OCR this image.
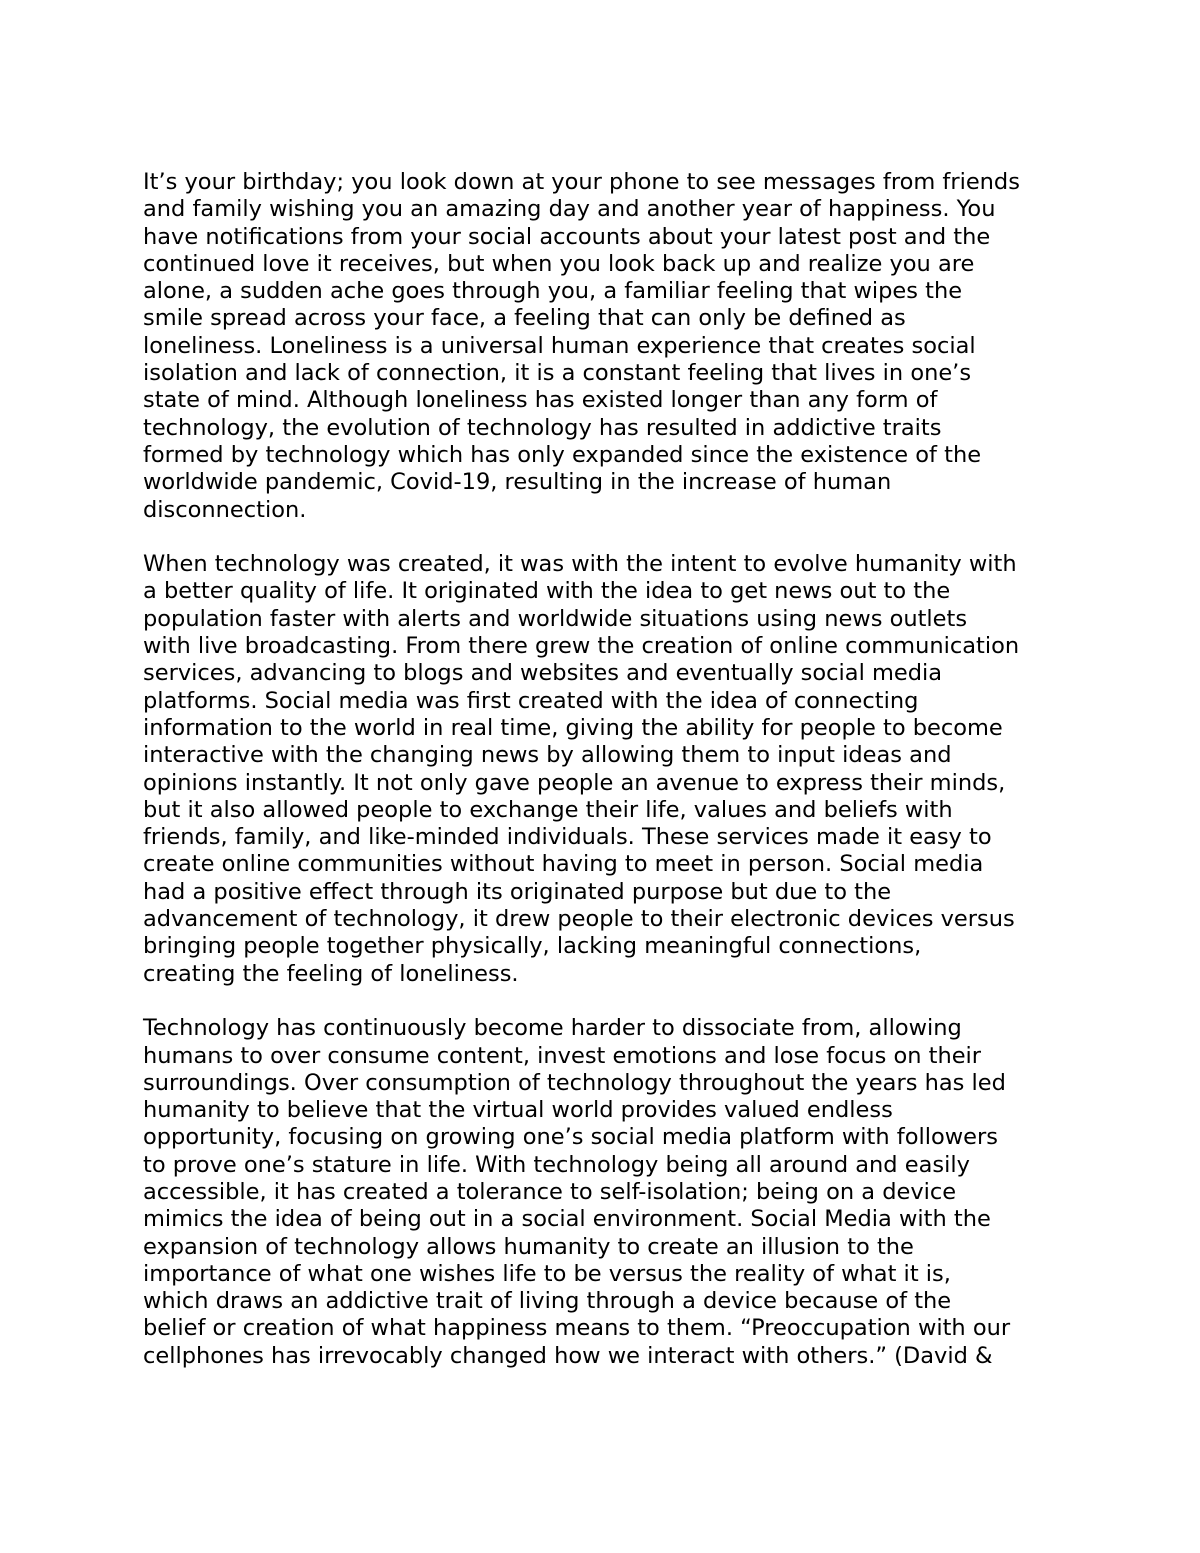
It’s your birthday; you look down at your phone to see messages from friends
and family wishing you an amazing day and another year of happiness. You
have notifications from your social accounts about your latest post and the
continued love it receives, but when you look back up and realize you are
alone, a sudden ache goes through you, a familiar feeling that wipes the
smile spread across your face, a feeling that can only be defined as
loneliness. Loneliness is a universal human experience that creates social
isolation and lack of connection, it is a constant feeling that lives in one’s
state of mind. Although loneliness has existed longer than any form of
technology, the evolution of technology has resulted in addictive traits
formed by technology which has only expanded since the existence of the
worldwide pandemic, Covid-19, resulting in the increase of human
disconnection.

When technology was created, it was with the intent to evolve humanity with
a better quality of life. It originated with the idea to get news out to the
population faster with alerts and worldwide situations using news outlets
with live broadcasting. From there grew the creation of online communication
services, advancing to blogs and websites and eventually social media
platforms. Social media was first created with the idea of connecting
information to the world in real time, giving the ability for people to become
interactive with the changing news by allowing them to input ideas and
opinions instantly. It not only gave people an avenue to express their minds,
but it also allowed people to exchange their life, values and beliefs with
friends, family, and like-minded individuals. These services made it easy to
create online communities without having to meet in person. Social media
had a positive effect through its originated purpose but due to the
advancement of technology, it drew people to their electronic devices versus
bringing people together physically, lacking meaningful connections,
creating the feeling of loneliness.

Technology has continuously become harder to dissociate from, allowing
humans to over consume content, invest emotions and lose focus on their
surroundings. Over consumption of technology throughout the years has led
humanity to believe that the virtual world provides valued endless
opportunity, focusing on growing one’s social media platform with followers
to prove one’s stature in life. With technology being all around and easily
accessible, it has created a tolerance to self-isolation; being on a device
mimics the idea of being out in a social environment. Social Media with the
expansion of technology allows humanity to create an illusion to the
importance of what one wishes life to be versus the reality of what it is,
which draws an addictive trait of living through a device because of the
belief or creation of what happiness means to them. “Preoccupation with our
cellphones has irrevocably changed how we interact with others.” (David &
